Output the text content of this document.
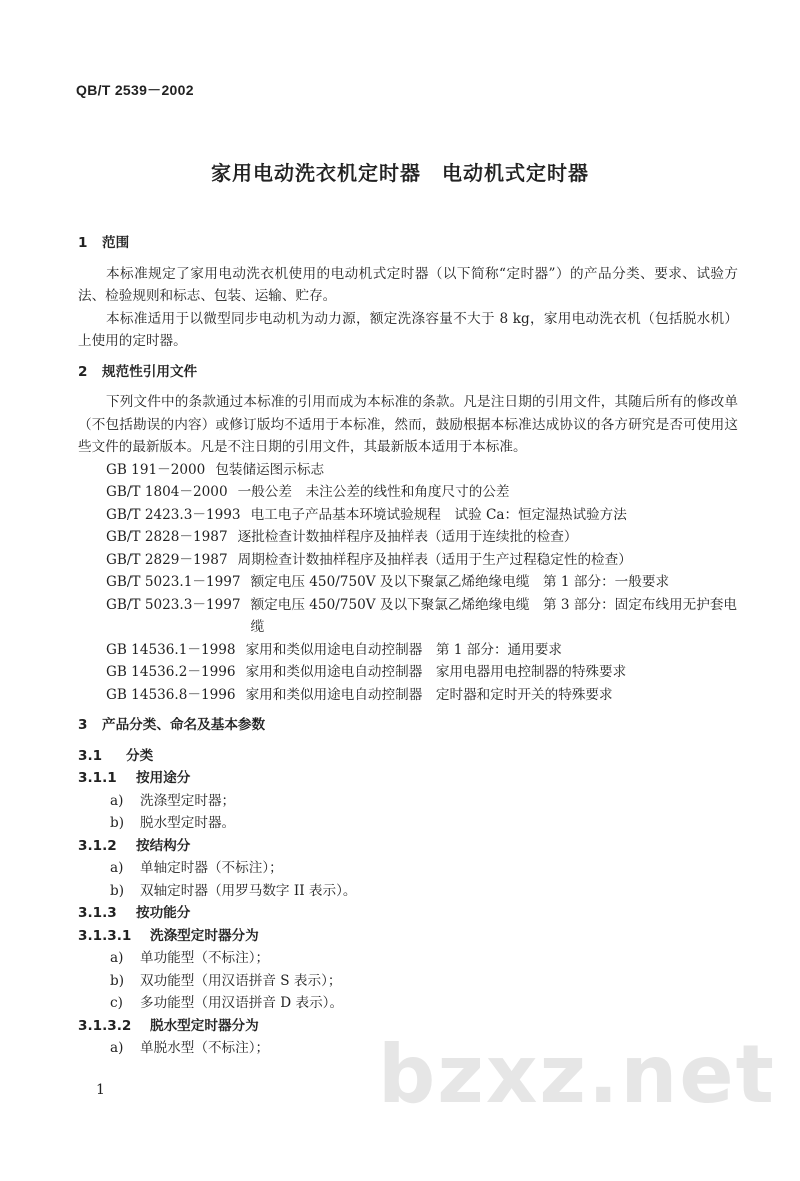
QB/T 2539－2002
家用电动洗衣机定时器　电动机式定时器
1 范围

本标准规定了家用电动洗衣机使用的电动机式定时器（以下简称“定时器”）的产品分类、要求、试验方法、检验规则和标志、包装、运输、贮存。

本标准适用于以微型同步电动机为动力源，额定洗涤容量不大于 8 kg，家用电动洗衣机（包括脱水机）上使用的定时器。

2 规范性引用文件

下列文件中的条款通过本标准的引用而成为本标准的条款。凡是注日期的引用文件，其随后所有的修改单（不包括勘误的内容）或修订版均不适用于本标准，然而，鼓励根据本标准达成协议的各方研究是否可使用这些文件的最新版本。凡是不注日期的引用文件，其最新版本适用于本标准。

GB 191－2000 包装储运图示标志
GB/T 1804－2000 一般公差　未注公差的线性和角度尺寸的公差
GB/T 2423.3－1993 电工电子产品基本环境试验规程　试验 Ca：恒定湿热试验方法
GB/T 2828－1987 逐批检查计数抽样程序及抽样表（适用于连续批的检查）
GB/T 2829－1987 周期检查计数抽样程序及抽样表（适用于生产过程稳定性的检查）
GB/T 5023.1－1997 额定电压 450/750V 及以下聚氯乙烯绝缘电缆　第 1 部分：一般要求
GB/T 5023.3－1997 额定电压 450/750V 及以下聚氯乙烯绝缘电缆　第 3 部分：固定布线用无护套电缆
GB 14536.1－1998 家用和类似用途电自动控制器　第 1 部分：通用要求
GB 14536.2－1996 家用和类似用途电自动控制器　家用电器用电控制器的特殊要求
GB 14536.8－1996 家用和类似用途电自动控制器　定时器和定时开关的特殊要求
3 产品分类、命名及基本参数
3.1 分类
3.1.1 按用途分
a)	洗涤型定时器；
b)	脱水型定时器。
3.1.2 按结构分
a)	单轴定时器（不标注）；
b)	双轴定时器（用罗马数字 II 表示）。
3.1.3 按功能分
3.1.3.1 洗涤型定时器分为
a)	单功能型（不标注）；
b)	双功能型（用汉语拼音 S 表示）；
c)	多功能型（用汉语拼音 D 表示）。
3.1.3.2 脱水型定时器分为
a)	单脱水型（不标注）；
1	bzxz.net
